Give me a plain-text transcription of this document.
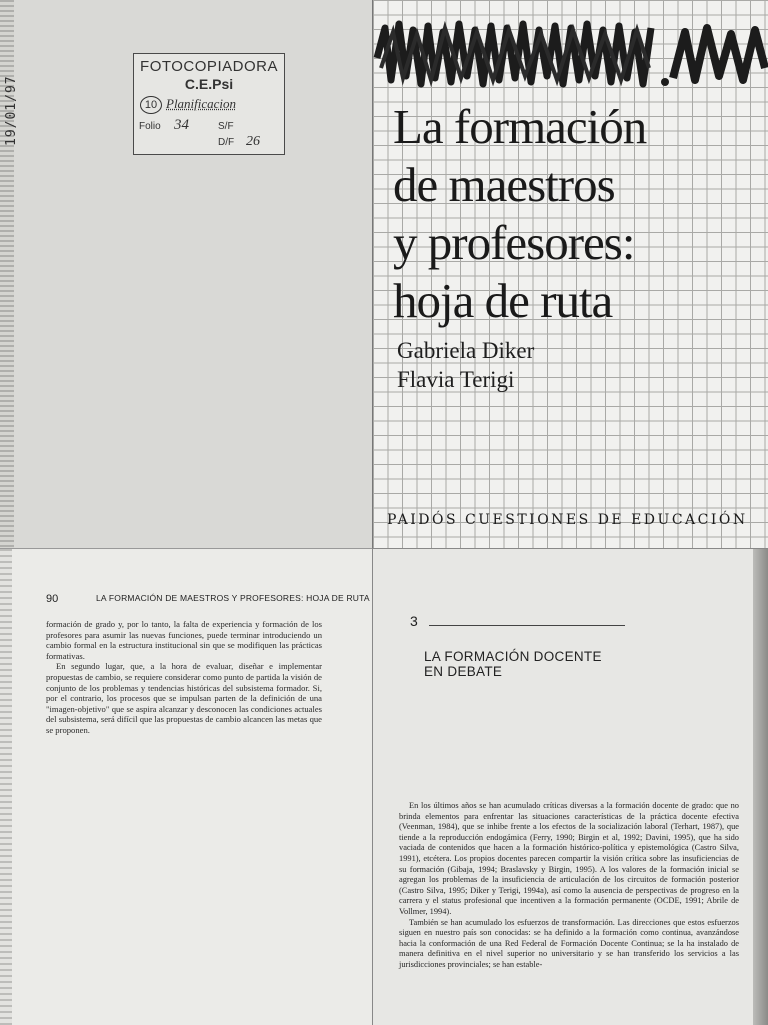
19/01/97
FOTOCOPIADORA
C.E.Psi
10 Planificacion
Folio 34	S/F
D/F 26	La formación
de maestros
y profesores:
hoja de ruta
Gabriela Diker
Flavia Terigi
PAIDÓS CUESTIONES DE EDUCACIÓN
90	LA FORMACIÓN DE MAESTROS Y PROFESORES: HOJA DE RUTA

formación de grado y, por lo tanto, la falta de experiencia y formación de los profesores para asumir las nuevas funciones, puede terminar introduciendo un cambio formal en la estructura institucional sin que se modifiquen las prácticas formativas.

En segundo lugar, que, a la hora de evaluar, diseñar e implementar propuestas de cambio, se requiere considerar como punto de partida la visión de conjunto de los problemas y tendencias históricas del subsistema formador. Si, por el contrario, los procesos que se impulsan parten de la definición de una "imagen-objetivo" que se aspira alcanzar y desconocen las condiciones actuales del subsistema, será difícil que las propuestas de cambio alcancen las metas que se proponen.

3
LA FORMACIÓN DOCENTE
EN DEBATE

En los últimos años se han acumulado críticas diversas a la formación docente de grado: que no brinda elementos para enfrentar las situaciones características de la práctica docente efectiva (Veenman, 1984), que se inhibe frente a los efectos de la socialización laboral (Terhart, 1987), que tiende a la reproducción endogámica (Ferry, 1990; Birgin et al, 1992; Davini, 1995), que ha sido vaciada de contenidos que hacen a la formación histórico-política y epistemológica (Castro Silva, 1991), etcétera. Los propios docentes parecen compartir la visión crítica sobre las insuficiencias de su formación (Gibaja, 1994; Braslavsky y Birgin, 1995). A los valores de la formación inicial se agregan los problemas de la insuficiencia de articulación de los circuitos de formación posterior (Castro Silva, 1995; Diker y Terigi, 1994a), así como la ausencia de perspectivas de progreso en la carrera y el status profesional que incentiven a la formación permanente (OCDE, 1991; Abrile de Vollmer, 1994).

También se han acumulado los esfuerzos de transformación. Las direcciones que estos esfuerzos siguen en nuestro país son conocidas: se ha definido a la formación como continua, avanzándose hacia la conformación de una Red Federal de Formación Docente Continua; se la ha instalado de manera definitiva en el nivel superior no universitario y se han transferido los servicios a las jurisdicciones provinciales; se han estable-
